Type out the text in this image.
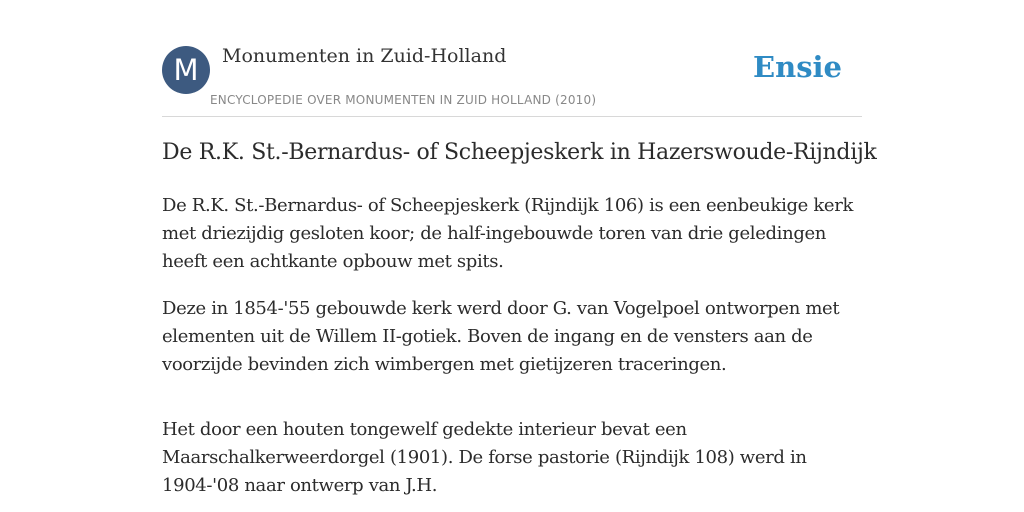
M	Monumenten in Zuid-Holland
ENCYCLOPEDIE OVER MONUMENTEN IN ZUID HOLLAND (2010)
Ensie
De R.K. St.-Bernardus- of Scheepjeskerk in Hazerswoude-Rijndijk

De R.K. St.-Bernardus- of Scheepjeskerk (Rijndijk 106) is een eenbeukige kerk met driezijdig gesloten koor; de half-ingebouwde toren van drie geledingen heeft een achtkante opbouw met spits.

Deze in 1854-'55 gebouwde kerk werd door G. van Vogelpoel ontworpen met elementen uit de Willem II-gotiek. Boven de ingang en de vensters aan de voorzijde bevinden zich wimbergen met gietijzeren traceringen.

Het door een houten tongewelf gedekte interieur bevat een Maarschalkerweerdorgel (1901). De forse pastorie (Rijndijk 108) werd in 1904-'08 naar ontwerp van J.H.
